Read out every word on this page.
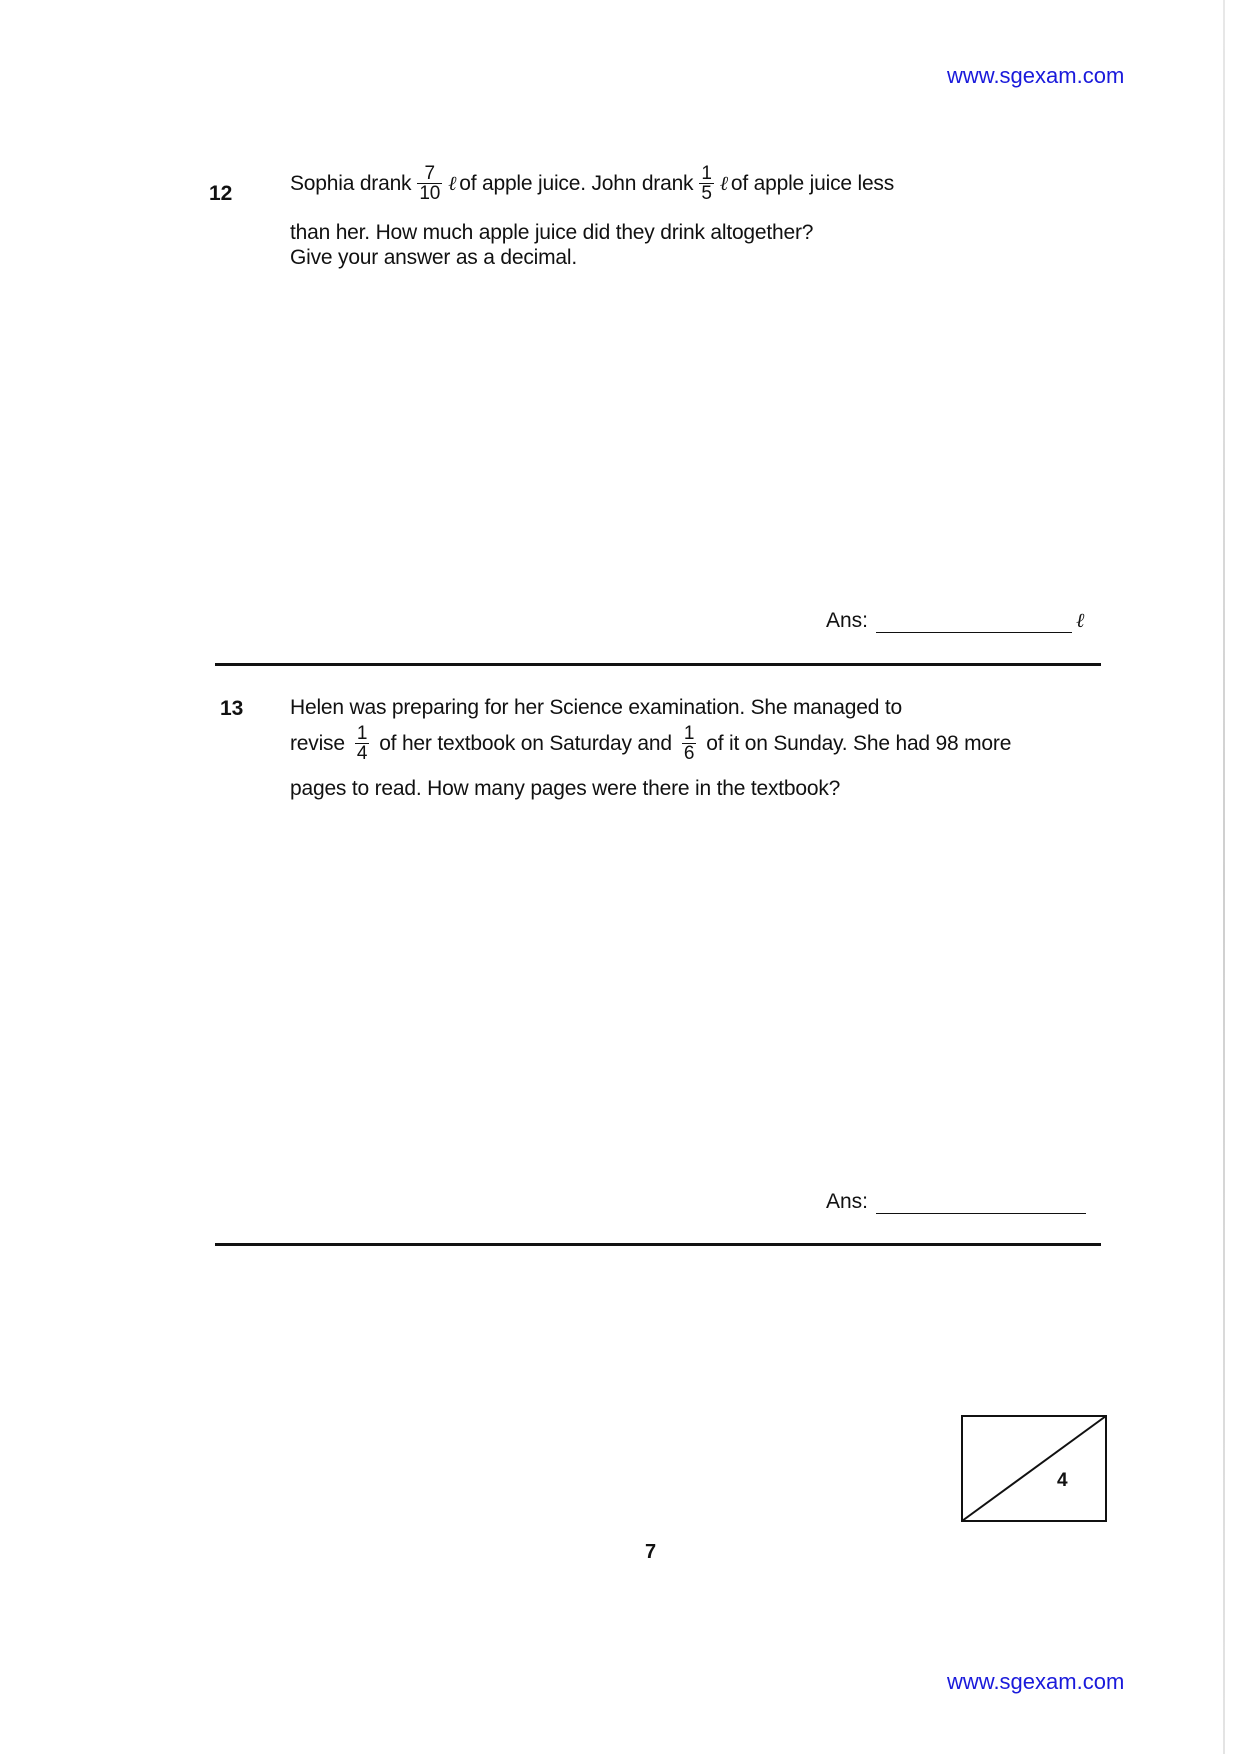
www.sgexam.com
12	Sophia drank $\frac{7}{10}$ ℓ of apple juice. John drank $\frac{1}{5}$ ℓ of apple juice less
than her. How much apple juice did they drink altogether?
Give your answer as a decimal.
Ans:	ℓ
13 Helen was preparing for her Science examination. She managed to
revise $\frac{1}{4}$ of her textbook on Saturday and $\frac{1}{6}$ of it on Sunday. She had 98 more
pages to read. How many pages were there in the textbook?
Ans:
4
7
www.sgexam.com
